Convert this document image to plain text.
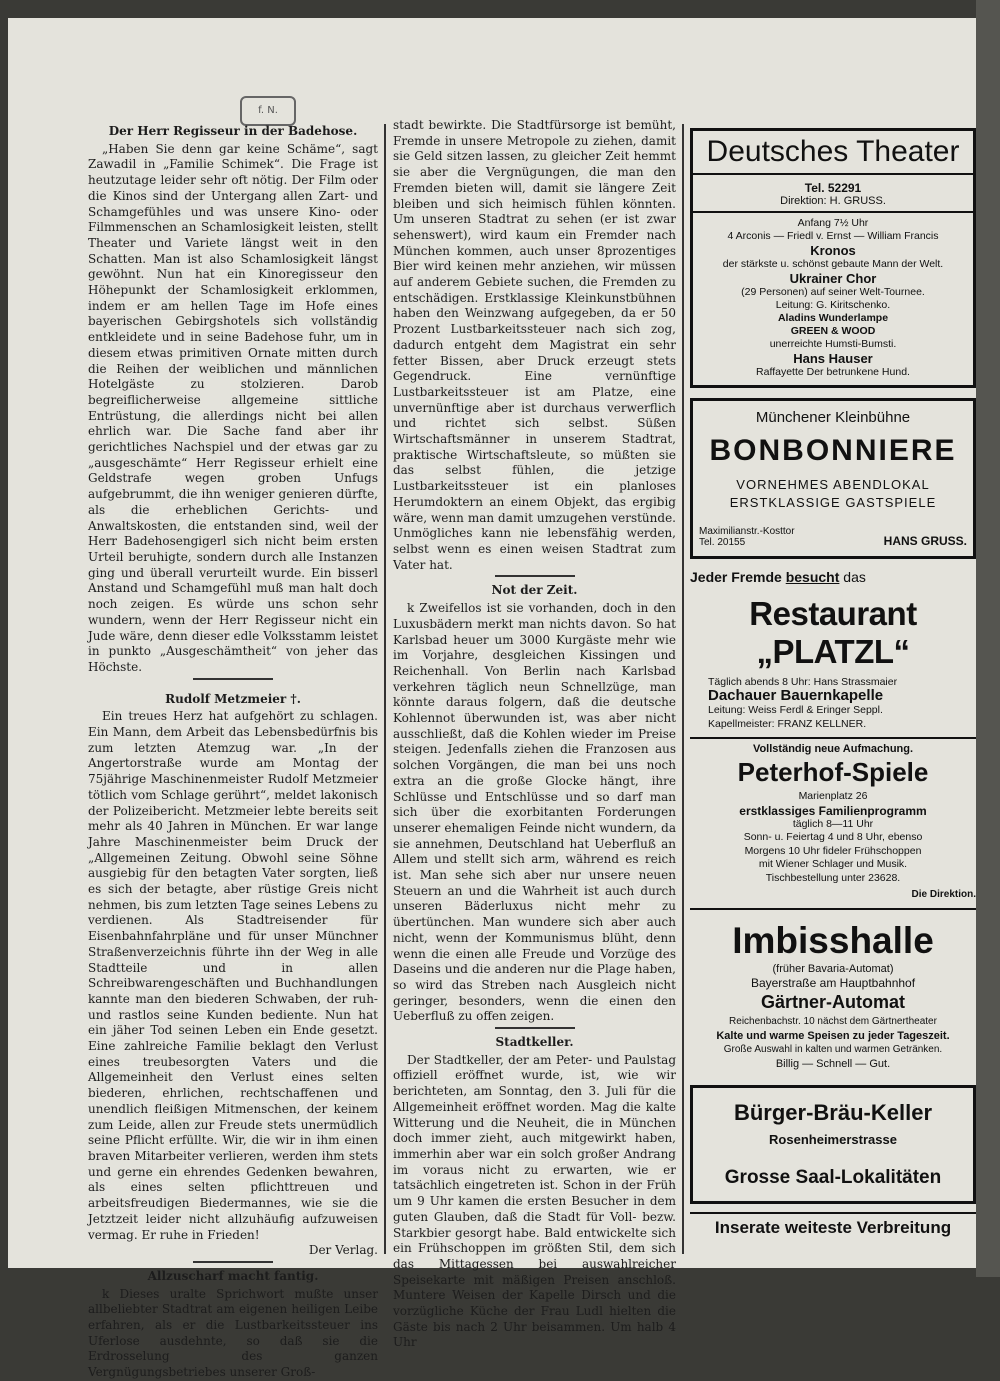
f. N.
Der Herr Regisseur in der Badehose.

„Haben Sie denn gar keine Schäme“, sagt Zawadil in „Familie Schimek“. Die Frage ist heutzutage leider sehr oft nötig. Der Film oder die Kinos sind der Untergang allen Zart- und Schamgefühles und was unsere Kino- oder Filmmenschen an Schamlosigkeit leisten, stellt Theater und Variete längst weit in den Schatten. Man ist also Schamlosigkeit längst gewöhnt. Nun hat ein Kinoregisseur den Höhepunkt der Schamlosigkeit erklommen, indem er am hellen Tage im Hofe eines bayerischen Gebirgshotels sich vollständig entkleidete und in seine Badehose fuhr, um in diesem etwas primitiven Ornate mitten durch die Reihen der weiblichen und männlichen Hotelgäste zu stolzieren. Darob begreiflicherweise allgemeine sittliche Entrüstung, die allerdings nicht bei allen ehrlich war. Die Sache fand aber ihr gerichtliches Nachspiel und der etwas gar zu „ausgeschämte“ Herr Regisseur erhielt eine Geldstrafe wegen groben Unfugs aufgebrummt, die ihn weniger genieren dürfte, als die erheblichen Gerichts- und Anwaltskosten, die entstanden sind, weil der Herr Badehosengigerl sich nicht beim ersten Urteil beruhigte, sondern durch alle Instanzen ging und überall verurteilt wurde. Ein bisserl Anstand und Schamgefühl muß man halt doch noch zeigen. Es würde uns schon sehr wundern, wenn der Herr Regisseur nicht ein Jude wäre, denn dieser edle Volksstamm leistet in punkto „Ausgeschämtheit“ von jeher das Höchste.

Rudolf Metzmeier †.

Ein treues Herz hat aufgehört zu schlagen. Ein Mann, dem Arbeit das Lebensbedürfnis bis zum letzten Atemzug war. „In der Angertorstraße wurde am Montag der 75jährige Maschinenmeister Rudolf Metzmeier tötlich vom Schlage gerührt“, meldet lakonisch der Polizeibericht. Metzmeier lebte bereits seit mehr als 40 Jahren in München. Er war lange Jahre Maschinenmeister beim Druck der „Allgemeinen Zeitung. Obwohl seine Söhne ausgiebig für den betagten Vater sorgten, ließ es sich der betagte, aber rüstige Greis nicht nehmen, bis zum letzten Tage seines Lebens zu verdienen. Als Stadtreisender für Eisenbahnfahrpläne und für unser Münchner Straßenverzeichnis führte ihn der Weg in alle Stadtteile und in allen Schreibwarengeschäften und Buchhandlungen kannte man den biederen Schwaben, der ruh- und rastlos seine Kunden bediente. Nun hat ein jäher Tod seinen Leben ein Ende gesetzt. Eine zahlreiche Familie beklagt den Verlust eines treubesorgten Vaters und die Allgemeinheit den Verlust eines selten biederen, ehrlichen, rechtschaffenen und unendlich fleißigen Mitmenschen, der keinem zum Leide, allen zur Freude stets unermüdlich seine Pflicht erfüllte. Wir, die wir in ihm einen braven Mitarbeiter verlieren, werden ihm stets und gerne ein ehrendes Gedenken bewahren, als eines selten pflichttreuen und arbeitsfreudigen Biedermannes, wie sie die Jetztzeit leider nicht allzuhäufig aufzuweisen vermag. Er ruhe in Frieden!

Der Verlag.

Allzuscharf macht fantig.

k Dieses uralte Sprichwort mußte unser allbeliebter Stadtrat am eigenen heiligen Leibe erfahren, als er die Lustbarkeitssteuer ins Uferlose ausdehnte, so daß sie die Erdrosselung des ganzen Vergnügungsbetriebes unserer Groß-

stadt bewirkte. Die Stadtfürsorge ist bemüht, Fremde in unsere Metropole zu ziehen, damit sie Geld sitzen lassen, zu gleicher Zeit hemmt sie aber die Vergnügungen, die man den Fremden bieten will, damit sie längere Zeit bleiben und sich heimisch fühlen könnten. Um unseren Stadtrat zu sehen (er ist zwar sehenswert), wird kaum ein Fremder nach München kommen, auch unser 8prozentiges Bier wird keinen mehr anziehen, wir müssen auf anderem Gebiete suchen, die Fremden zu entschädigen. Erstklassige Kleinkunstbühnen haben den Weinzwang aufgegeben, da er 50 Prozent Lustbarkeitssteuer nach sich zog, dadurch entgeht dem Magistrat ein sehr fetter Bissen, aber Druck erzeugt stets Gegendruck. Eine vernünftige Lustbarkeitssteuer ist am Platze, eine unvernünftige aber ist durchaus verwerflich und richtet sich selbst. Süßen Wirtschaftsmänner in unserem Stadtrat, praktische Wirtschaftsleute, so müßten sie das selbst fühlen, die jetzige Lustbarkeitssteuer ist ein planloses Herumdoktern an einem Objekt, das ergibig wäre, wenn man damit umzugehen verstünde. Unmögliches kann nie lebensfähig werden, selbst wenn es einen weisen Stadtrat zum Vater hat.

Not der Zeit.

k Zweifellos ist sie vorhanden, doch in den Luxusbädern merkt man nichts davon. So hat Karlsbad heuer um 3000 Kurgäste mehr wie im Vorjahre, desgleichen Kissingen und Reichenhall. Von Berlin nach Karlsbad verkehren täglich neun Schnellzüge, man könnte daraus folgern, daß die deutsche Kohlennot überwunden ist, was aber nicht ausschließt, daß die Kohlen wieder im Preise steigen. Jedenfalls ziehen die Franzosen aus solchen Vorgängen, die man bei uns noch extra an die große Glocke hängt, ihre Schlüsse und Entschlüsse und so darf man sich über die exorbitanten Forderungen unserer ehemaligen Feinde nicht wundern, da sie annehmen, Deutschland hat Ueberfluß an Allem und stellt sich arm, während es reich ist. Man sehe sich aber nur unsere neuen Steuern an und die Wahrheit ist auch durch unseren Bäderluxus nicht mehr zu übertünchen. Man wundere sich aber auch nicht, wenn der Kommunismus blüht, denn wenn die einen alle Freude und Vorzüge des Daseins und die anderen nur die Plage haben, so wird das Streben nach Ausgleich nicht geringer, besonders, wenn die einen den Ueberfluß zu offen zeigen.

Stadtkeller.

Der Stadtkeller, der am Peter- und Paulstag offiziell eröffnet wurde, ist, wie wir berichteten, am Sonntag, den 3. Juli für die Allgemeinheit eröffnet worden. Mag die kalte Witterung und die Neuheit, die in München doch immer zieht, auch mitgewirkt haben, immerhin aber war ein solch großer Andrang im voraus nicht zu erwarten, wie er tatsächlich eingetreten ist. Schon in der Früh um 9 Uhr kamen die ersten Besucher in dem guten Glauben, daß die Stadt für Voll- bezw. Starkbier gesorgt habe. Bald entwickelte sich ein Frühschoppen im größten Stil, dem sich das Mittagessen bei auswahlreicher Speisekarte mit mäßigen Preisen anschloß. Muntere Weisen der Kapelle Dirsch und die vorzügliche Küche der Frau Ludl hielten die Gäste bis nach 2 Uhr beisammen. Um halb 4 Uhr

Deutsches Theater
Tel. 52291
Direktion: H. GRUSS.
Anfang 7½ Uhr
4 Arconis — Friedl v. Ernst — William Francis
Kronos
der stärkste u. schönst gebaute Mann der Welt.
Ukrainer Chor
(29 Personen) auf seiner Welt-Tournee.
Leitung: G. Kiritschenko.
Aladins Wunderlampe
GREEN & WOOD
unerreichte Humsti-Bumsti.
Hans Hauser
Raffayette Der betrunkene Hund.
Münchener Kleinbühne
BONBONNIERE
VORNEHMES ABENDLOKAL
ERSTKLASSIGE GASTSPIELE
Maximilianstr.-Kosttor
Tel. 20155	HANS GRUSS.
Jeder Fremde besucht das
Restaurant „PLATZL“
Täglich abends 8 Uhr: Hans Strassmaier
Dachauer Bauernkapelle
Leitung: Weiss Ferdl & Eringer Seppl.
Kapellmeister: FRANZ KELLNER.
Vollständig neue Aufmachung.
Peterhof-Spiele
Marienplatz 26
erstklassiges Familienprogramm
täglich 8—11 Uhr
Sonn- u. Feiertag 4 und 8 Uhr, ebenso
Morgens 10 Uhr fideler Frühschoppen
mit Wiener Schlager und Musik.
Tischbestellung unter 23628.
Die Direktion.
Imbisshalle
(früher Bavaria-Automat)
Bayerstraße am Hauptbahnhof
Gärtner-Automat
Reichenbachstr. 10 nächst dem Gärtnertheater
Kalte und warme Speisen zu jeder Tageszeit.
Große Auswahl in kalten und warmen Getränken.
Billig — Schnell — Gut.
Bürger-Bräu-Keller
Rosenheimerstrasse
Grosse Saal-Lokalitäten
Inserate weiteste Verbreitung
